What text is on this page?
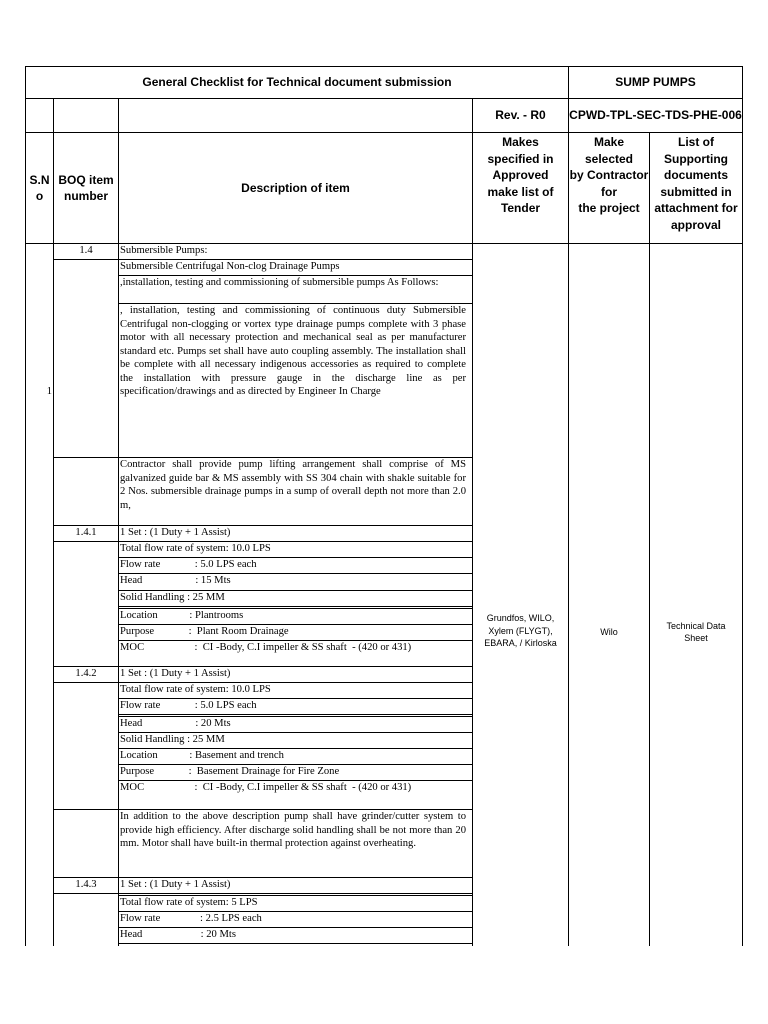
General Checklist for Technical document submission	SUMP PUMPS
Rev. - R0	CPWD-TPL-SEC-TDS-PHE-006
S.N
o
BOQ item
number
Description of item
Makes
specified in
Approved
make list of
Tender
Make
selected
by Contractor
for
the project
List of
Supporting
documents
submitted in
attachment for
approval
1
1.4
1.4.1
1.4.2
1.4.3
Submersible Pumps:
Submersible Centrifugal Non-clog Drainage Pumps
,installation, testing and commissioning of submersible pumps As Follows:
, installation, testing and commissioning of continuous duty Submersible Centrifugal non-clogging or vortex type drainage pumps complete with 3 phase motor with all necessary protection and mechanical seal as per manufacturer standard etc. Pumps set shall have auto coupling assembly. The installation shall be complete with all necessary indigenous accessories as required to complete the installation with pressure gauge in the discharge line as per specification/drawings and as directed by Engineer In Charge
Contractor shall provide pump lifting arrangement shall comprise of MS galvanized guide bar & MS assembly with SS 304 chain with shakle suitable for 2 Nos. submersible drainage pumps in a sump of overall depth not more than 2.0 m,
1 Set : (1 Duty + 1 Assist)
Total flow rate of system: 10.0 LPS
Flow rate             : 5.0 LPS each
Head                    : 15 Mts
Solid Handling : 25 MM
Location            : Plantrooms
Purpose             :  Plant Room Drainage
MOC                   :  CI -Body, C.I impeller & SS shaft  - (420 or 431)
1 Set : (1 Duty + 1 Assist)
Total flow rate of system: 10.0 LPS
Flow rate             : 5.0 LPS each
Head                    : 20 Mts
Solid Handling : 25 MM
Location            : Basement and trench
Purpose             :  Basement Drainage for Fire Zone
MOC                   :  CI -Body, C.I impeller & SS shaft  - (420 or 431)
In addition to the above description pump shall have grinder/cutter system to provide high efficiency. After discharge solid handling shall be not more than 20 mm. Motor shall have built-in thermal protection against overheating.
1 Set : (1 Duty + 1 Assist)
Total flow rate of system: 5 LPS
Flow rate               : 2.5 LPS each
Head                      : 20 Mts
Grundfos, WILO,
Xylem (FLYGT),
EBARA, / Kirloska
Wilo
Technical Data
Sheet
